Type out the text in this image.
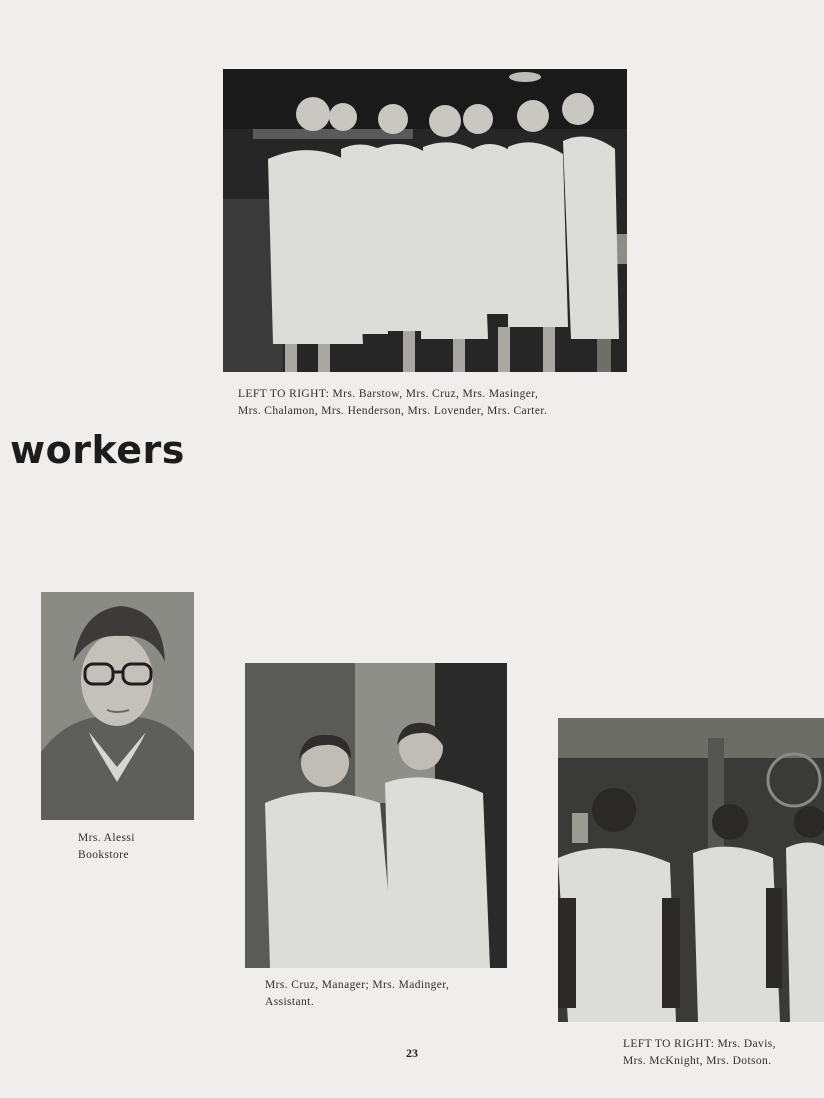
LEFT TO RIGHT: Mrs. Barstow, Mrs. Cruz, Mrs. Masinger,
Mrs. Chalamon, Mrs. Henderson, Mrs. Lovender, Mrs. Carter.
workers
Mrs. Alessi
Bookstore
Mrs. Cruz, Manager; Mrs. Madinger,
Assistant.
LEFT TO RIGHT: Mrs. Davis,
Mrs. McKnight, Mrs. Dotson.
23
